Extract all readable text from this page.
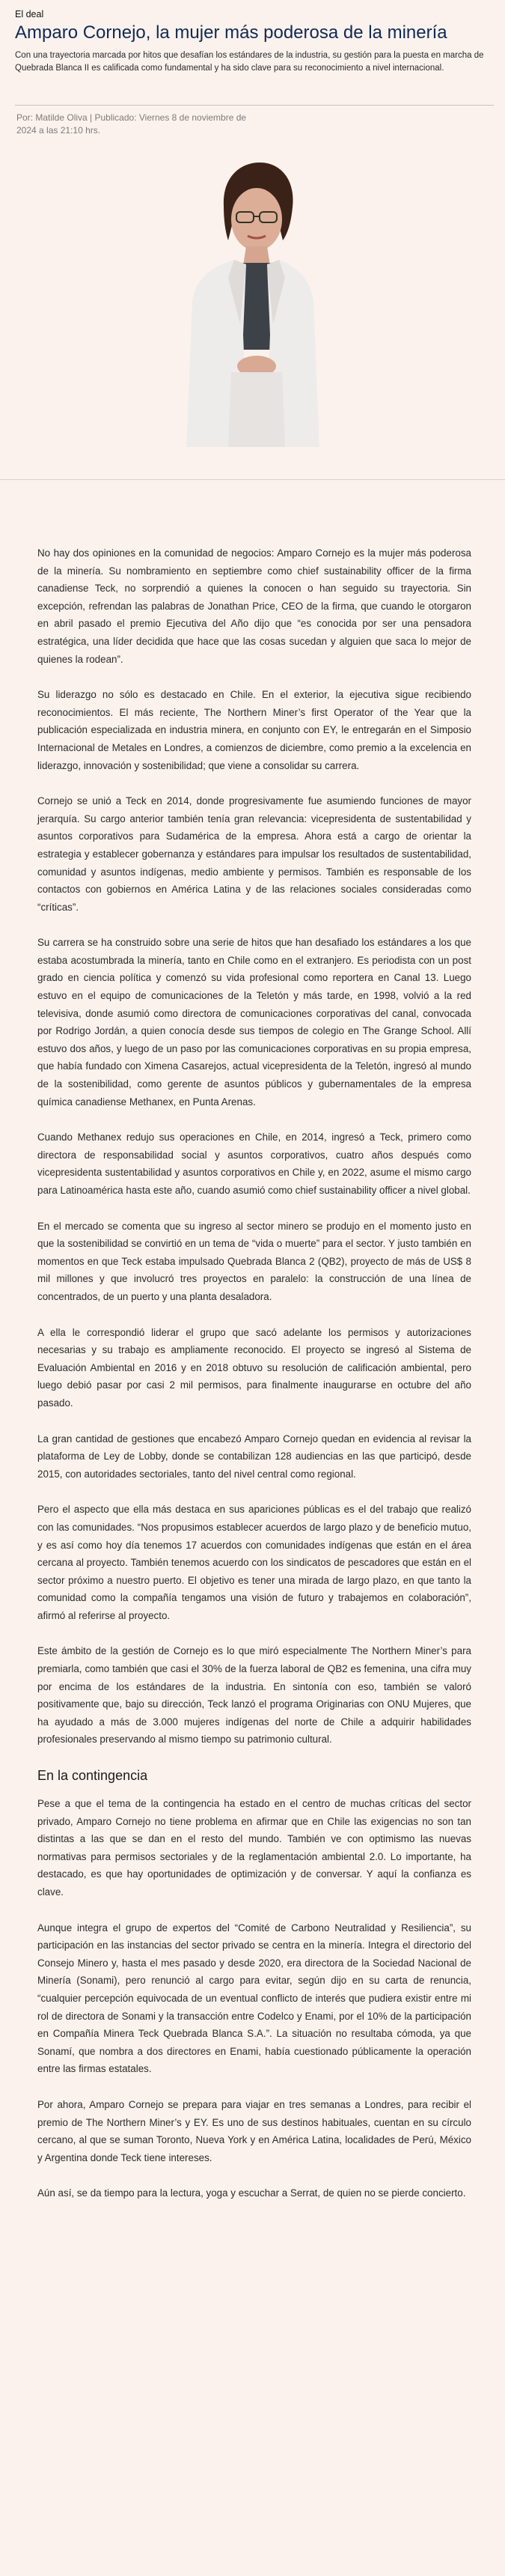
El deal
Amparo Cornejo, la mujer más poderosa de la minería

Con una trayectoria marcada por hitos que desafían los estándares de la industria, su gestión para la puesta en marcha de Quebrada Blanca II es calificada como fundamental y ha sido clave para su reconocimiento a nivel internacional.

Por: Matilde Oliva | Publicado: Viernes 8 de noviembre de 2024 a las 21:10 hrs.

No hay dos opiniones en la comunidad de negocios: Amparo Cornejo es la mujer más poderosa de la minería. Su nombramiento en septiembre como chief sustainability officer de la firma canadiense Teck, no sorprendió a quienes la conocen o han seguido su trayectoria. Sin excepción, refrendan las palabras de Jonathan Price, CEO de la firma, que cuando le otorgaron en abril pasado el premio Ejecutiva del Año dijo que “es conocida por ser una pensadora estratégica, una líder decidida que hace que las cosas sucedan y alguien que saca lo mejor de quienes la rodean”.

Su liderazgo no sólo es destacado en Chile. En el exterior, la ejecutiva sigue recibiendo reconocimientos. El más reciente, The Northern Miner’s first Operator of the Year que la publicación especializada en industria minera, en conjunto con EY, le entregarán en el Simposio Internacional de Metales en Londres, a comienzos de diciembre, como premio a la excelencia en liderazgo, innovación y sostenibilidad; que viene a consolidar su carrera.

Cornejo se unió a Teck en 2014, donde progresivamente fue asumiendo funciones de mayor jerarquía. Su cargo anterior también tenía gran relevancia: vicepresidenta de sustentabilidad y asuntos corporativos para Sudamérica de la empresa. Ahora está a cargo de orientar la estrategia y establecer gobernanza y estándares para impulsar los resultados de sustentabilidad, comunidad y asuntos indígenas, medio ambiente y permisos. También es responsable de los contactos con gobiernos en América Latina y de las relaciones sociales consideradas como “críticas”.

Su carrera se ha construido sobre una serie de hitos que han desafiado los estándares a los que estaba acostumbrada la minería, tanto en Chile como en el extranjero. Es periodista con un post grado en ciencia política y comenzó su vida profesional como reportera en Canal 13. Luego estuvo en el equipo de comunicaciones de la Teletón y más tarde, en 1998, volvió a la red televisiva, donde asumió como directora de comunicaciones corporativas del canal, convocada por Rodrigo Jordán, a quien conocía desde sus tiempos de colegio en The Grange School. Allí estuvo dos años, y luego de un paso por las comunicaciones corporativas en su propia empresa, que había fundado con Ximena Casarejos, actual vicepresidenta de la Teletón, ingresó al mundo de la sostenibilidad, como gerente de asuntos públicos y gubernamentales de la empresa química canadiense Methanex, en Punta Arenas.

Cuando Methanex redujo sus operaciones en Chile, en 2014, ingresó a Teck, primero como directora de responsabilidad social y asuntos corporativos, cuatro años después como vicepresidenta sustentabilidad y asuntos corporativos en Chile y, en 2022, asume el mismo cargo para Latinoamérica hasta este año, cuando asumió como chief sustainability officer a nivel global.

En el mercado se comenta que su ingreso al sector minero se produjo en el momento justo en que la sostenibilidad se convirtió en un tema de “vida o muerte” para el sector. Y justo también en momentos en que Teck estaba impulsado Quebrada Blanca 2 (QB2), proyecto de más de US$ 8 mil millones y que involucró tres proyectos en paralelo: la construcción de una línea de concentrados, de un puerto y una planta desaladora.

A ella le correspondió liderar el grupo que sacó adelante los permisos y autorizaciones necesarias y su trabajo es ampliamente reconocido. El proyecto se ingresó al Sistema de Evaluación Ambiental en 2016 y en 2018 obtuvo su resolución de calificación ambiental, pero luego debió pasar por casi 2 mil permisos, para finalmente inaugurarse en octubre del año pasado.

La gran cantidad de gestiones que encabezó Amparo Cornejo quedan en evidencia al revisar la plataforma de Ley de Lobby, donde se contabilizan 128 audiencias en las que participó, desde 2015, con autoridades sectoriales, tanto del nivel central como regional.

Pero el aspecto que ella más destaca en sus apariciones públicas es el del trabajo que realizó con las comunidades. “Nos propusimos establecer acuerdos de largo plazo y de beneficio mutuo, y es así como hoy día tenemos 17 acuerdos con comunidades indígenas que están en el área cercana al proyecto. También tenemos acuerdo con los sindicatos de pescadores que están en el sector próximo a nuestro puerto. El objetivo es tener una mirada de largo plazo, en que tanto la comunidad como la compañía tengamos una visión de futuro y trabajemos en colaboración”, afirmó al referirse al proyecto.

Este ámbito de la gestión de Cornejo es lo que miró especialmente The Northern Miner’s para premiarla, como también que casi el 30% de la fuerza laboral de QB2 es femenina, una cifra muy por encima de los estándares de la industria. En sintonía con eso, también se valoró positivamente que, bajo su dirección, Teck lanzó el programa Originarias con ONU Mujeres, que ha ayudado a más de 3.000 mujeres indígenas del norte de Chile a adquirir habilidades profesionales preservando al mismo tiempo su patrimonio cultural.

En la contingencia

Pese a que el tema de la contingencia ha estado en el centro de muchas críticas del sector privado, Amparo Cornejo no tiene problema en afirmar que en Chile las exigencias no son tan distintas a las que se dan en el resto del mundo. También ve con optimismo las nuevas normativas para permisos sectoriales y de la reglamentación ambiental 2.0. Lo importante, ha destacado, es que hay oportunidades de optimización y de conversar. Y aquí la confianza es clave.

Aunque integra el grupo de expertos del “Comité de Carbono Neutralidad y Resiliencia”, su participación en las instancias del sector privado se centra en la minería. Integra el directorio del Consejo Minero y, hasta el mes pasado y desde 2020, era directora de la Sociedad Nacional de Minería (Sonami), pero renunció al cargo para evitar, según dijo en su carta de renuncia, “cualquier percepción equivocada de un eventual conflicto de interés que pudiera existir entre mi rol de directora de Sonami y la transacción entre Codelco y Enami, por el 10% de la participación en Compañía Minera Teck Quebrada Blanca S.A.”. La situación no resultaba cómoda, ya que Sonamí, que nombra a dos directores en Enami, había cuestionado públicamente la operación entre las firmas estatales.

Por ahora, Amparo Cornejo se prepara para viajar en tres semanas a Londres, para recibir el premio de The Northern Miner’s y EY. Es uno de sus destinos habituales, cuentan en su círculo cercano, al que se suman Toronto, Nueva York y en América Latina, localidades de Perú, México y Argentina donde Teck tiene intereses.

Aún así, se da tiempo para la lectura, yoga y escuchar a Serrat, de quien no se pierde concierto.
